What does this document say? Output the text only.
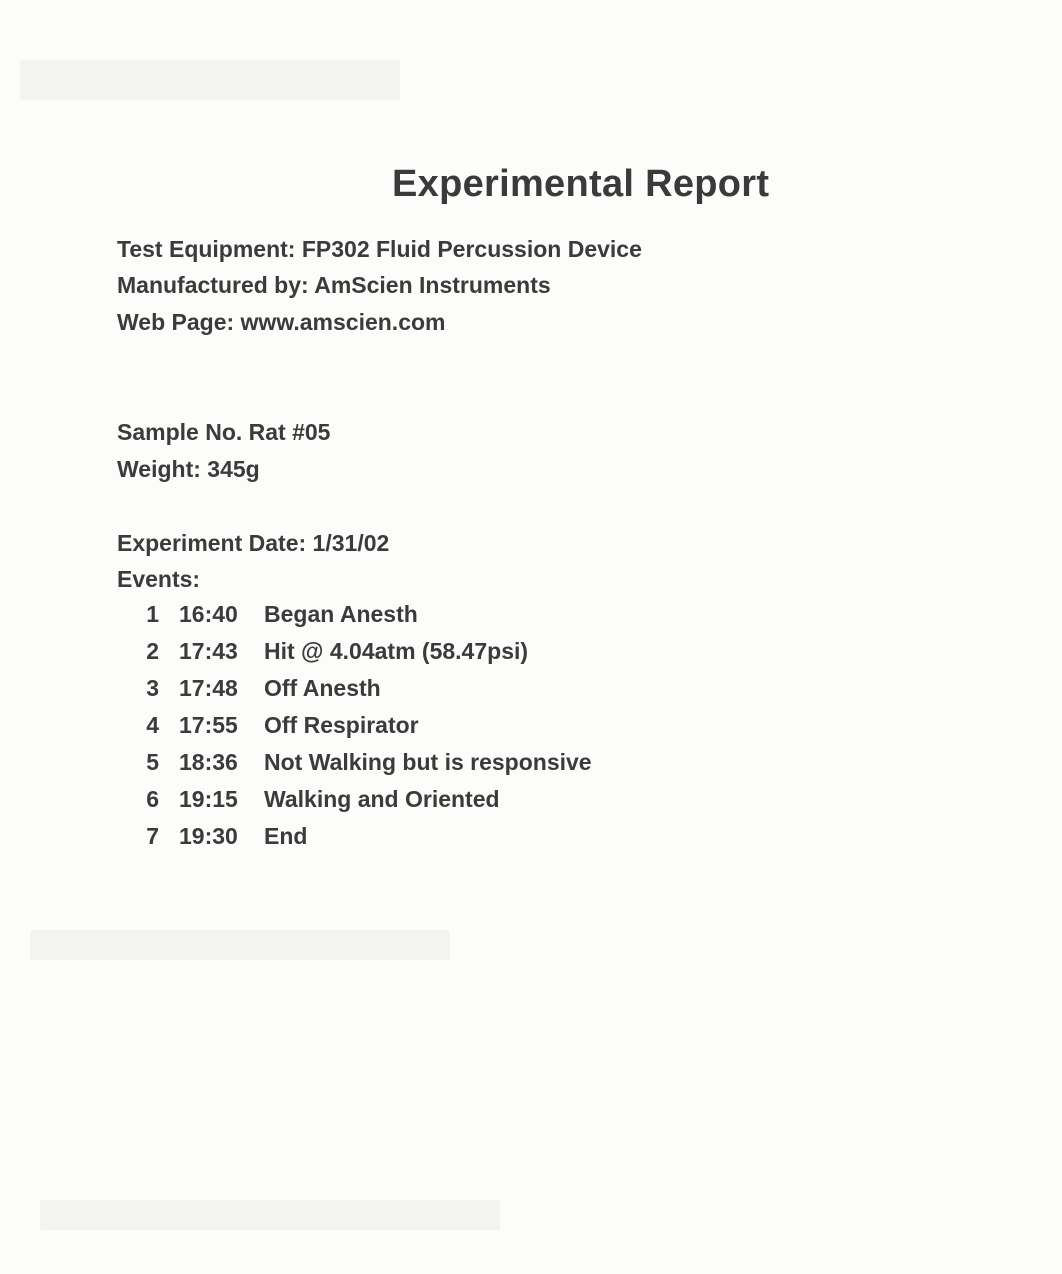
Experimental Report
Test Equipment: FP302 Fluid Percussion Device
Manufactured by: AmScien Instruments
Web Page: www.amscien.com
Sample No. Rat #05
Weight: 345g
Experiment Date: 1/31/02
Events:
1 16:40 Began Anesth
2 17:43 Hit @ 4.04atm (58.47psi)
3 17:48 Off Anesth
4 17:55 Off Respirator
5 18:36 Not Walking but is responsive
6 19:15 Walking and Oriented
7 19:30 End
